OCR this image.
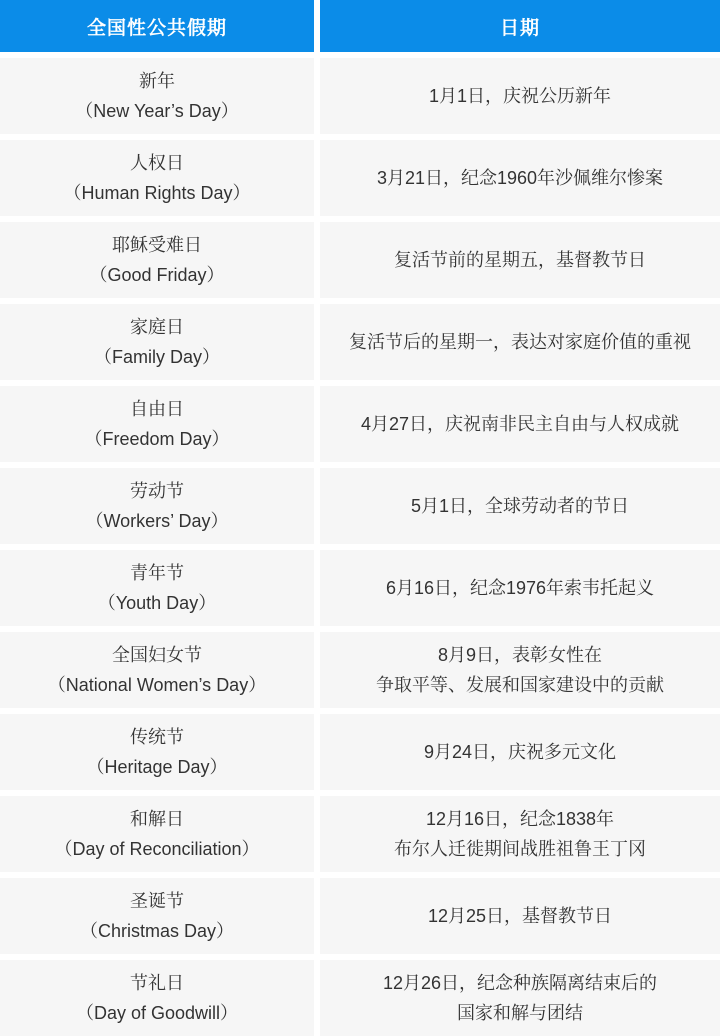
全国性公共假期	日期
新年
（New Year’s Day）
1月1日，庆祝公历新年
人权日
（Human Rights Day）
3月21日，纪念1960年沙佩维尔惨案
耶稣受难日
（Good Friday）
复活节前的星期五，基督教节日
家庭日
（Family Day）
复活节后的星期一，表达对家庭价值的重视
自由日
（Freedom Day）
4月27日，庆祝南非民主自由与人权成就
劳动节
（Workers’ Day）
5月1日，全球劳动者的节日
青年节
（Youth Day）
6月16日，纪念1976年索韦托起义
全国妇女节
（National Women’s Day）
8月9日，表彰女性在
争取平等、发展和国家建设中的贡献
传统节
（Heritage Day）
9月24日，庆祝多元文化
和解日
（Day of Reconciliation）
12月16日，纪念1838年
布尔人迁徙期间战胜祖鲁王丁冈
圣诞节
（Christmas Day）
12月25日，基督教节日
节礼日
（Day of Goodwill）
12月26日，纪念种族隔离结束后的
国家和解与团结
